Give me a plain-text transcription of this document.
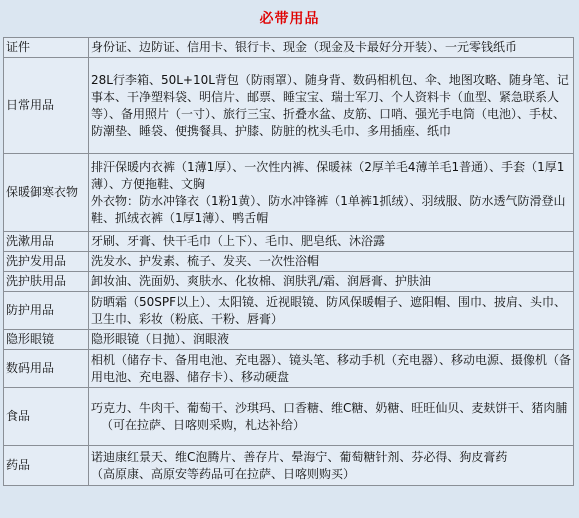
必带用品
证件	身份证、边防证、信用卡、银行卡、现金（现金及卡最好分开装）、一元零钱纸币

日常用品	28L行李箱、50L+10L背包（防雨罩）、随身背、数码相机包、伞、地图攻略、随身笔、记事本、干净塑料袋、明信片、邮票、睡宝宝、瑞士军刀、个人资料卡（血型、紧急联系人等）、备用照片（一寸）、旅行三宝、折叠水盆、皮筋、口哨、强光手电筒（电池）、手杖、防潮垫、睡袋、便携餐具、护膝、防脏的枕头毛巾、多用插座、纸巾

保暖御寒衣物	排汗保暖内衣裤（1薄1厚）、一次性内裤、保暖袜（2厚羊毛4薄羊毛1普通）、手套（1厚1薄）、方便拖鞋、文胸
外衣物：防水冲锋衣（1粉1黄）、防水冲锋裤（1单裤1抓绒）、羽绒服、防水透气防滑登山鞋、抓绒衣裤（1厚1薄）、鸭舌帽

洗漱用品	牙刷、牙膏、快干毛巾（上下）、毛巾、肥皂纸、沐浴露

洗护发用品	洗发水、护发素、梳子、发夹、一次性浴帽

洗护肤用品	卸妆油、洗面奶、爽肤水、化妆棉、润肤乳/霜、润唇膏、护肤油

防护用品	防晒霜（50SPF以上）、太阳镜、近视眼镜、防风保暖帽子、遮阳帽、围巾、披肩、头巾、卫生巾、彩妆（粉底、干粉、唇膏）

隐形眼镜	隐形眼镜（日抛）、润眼液

数码用品	相机（储存卡、备用电池、充电器）、镜头笔、移动手机（充电器）、移动电源、摄像机（备用电池、充电器、储存卡）、移动硬盘

食品	巧克力、牛肉干、葡萄干、沙琪玛、口香糖、维C糖、奶糖、旺旺仙贝、麦麸饼干、猪肉脯
（可在拉萨、日喀则采购，札达补给）

药品	诺迪康红景天、维C泡腾片、善存片、晕海宁、葡萄糖针剂、芬必得、狗皮膏药
（高原康、高原安等药品可在拉萨、日喀则购买）
